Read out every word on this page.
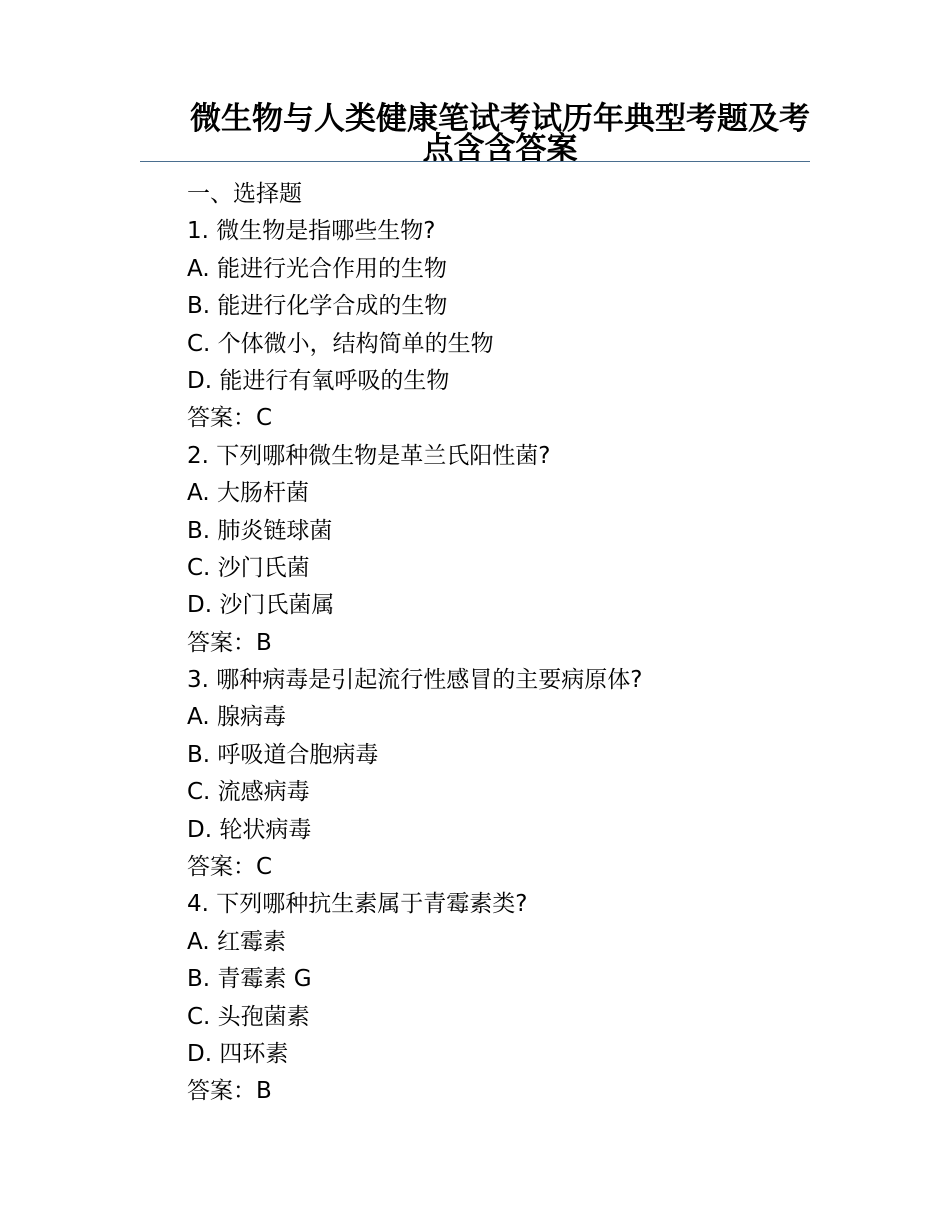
微生物与人类健康笔试考试历年典型考题及考点含含答案
一、选择题
1. 微生物是指哪些生物?
A. 能进行光合作用的生物
B. 能进行化学合成的生物
C. 个体微小，结构简单的生物
D. 能进行有氧呼吸的生物
答案：C
2. 下列哪种微生物是革兰氏阳性菌?
A. 大肠杆菌
B. 肺炎链球菌
C. 沙门氏菌
D. 沙门氏菌属
答案：B
3. 哪种病毒是引起流行性感冒的主要病原体?
A. 腺病毒
B. 呼吸道合胞病毒
C. 流感病毒
D. 轮状病毒
答案：C
4. 下列哪种抗生素属于青霉素类?
A. 红霉素
B. 青霉素 G
C. 头孢菌素
D. 四环素
答案：B
